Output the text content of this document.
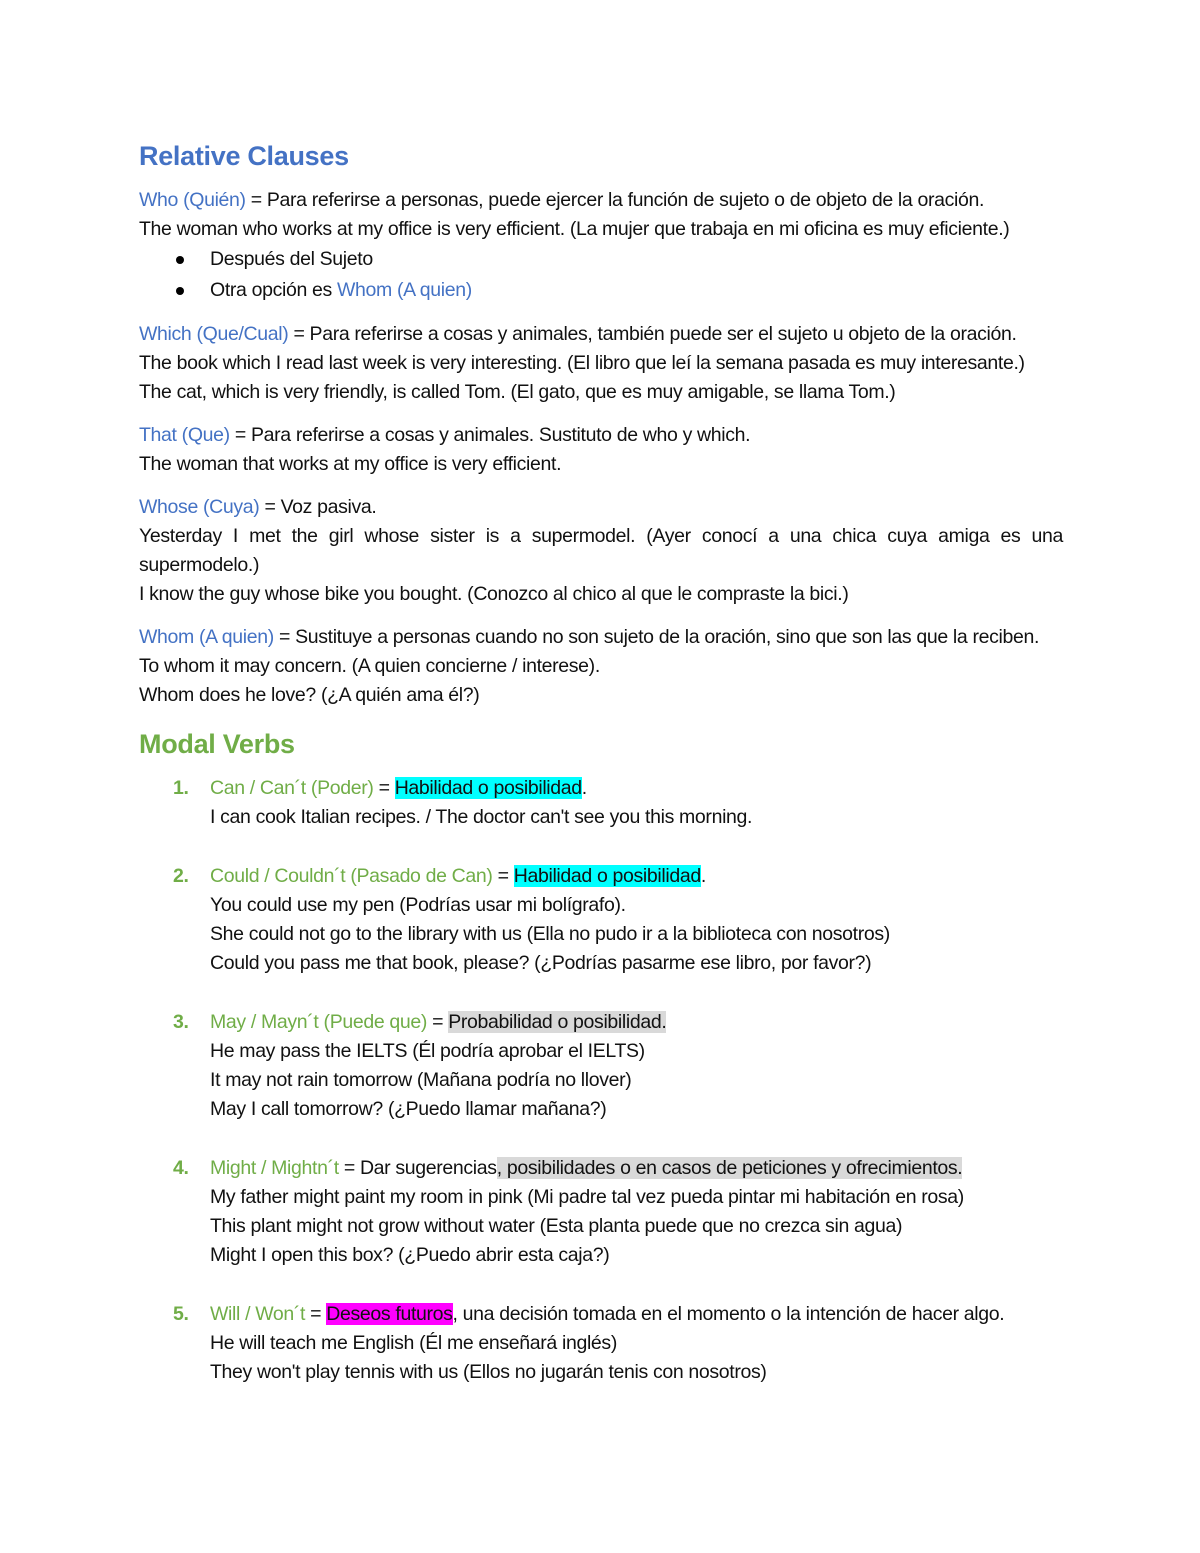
Relative Clauses

Who (Quién) = Para referirse a personas, puede ejercer la función de sujeto o de objeto de la oración.

The woman who works at my office is very efficient. (La mujer que trabaja en mi oficina es muy eficiente.)

Después del Sujeto
Otra opción es Whom (A quien)

Which (Que/Cual) = Para referirse a cosas y animales, también puede ser el sujeto u objeto de la oración.

The book which I read last week is very interesting. (El libro que leí la semana pasada es muy interesante.)

The cat, which is very friendly, is called Tom. (El gato, que es muy amigable, se llama Tom.)

That (Que) = Para referirse a cosas y animales. Sustituto de who y which.

The woman that works at my office is very efficient.

Whose (Cuya) = Voz pasiva.

Yesterday I met the girl whose sister is a supermodel. (Ayer conocí a una chica cuya amiga es una supermodelo.)

I know the guy whose bike you bought. (Conozco al chico al que le compraste la bici.)

Whom (A quien) = Sustituye a personas cuando no son sujeto de la oración, sino que son las que la reciben.

To whom it may concern. (A quien concierne / interese).

Whom does he love? (¿A quién ama él?)

Modal Verbs
1. Can / Can´t (Poder) = Habilidad o posibilidad.

I can cook Italian recipes. / The doctor can't see you this morning.

2. Could / Couldn´t (Pasado de Can) = Habilidad o posibilidad.

You could use my pen (Podrías usar mi bolígrafo).

She could not go to the library with us (Ella no pudo ir a la biblioteca con nosotros)

Could you pass me that book, please? (¿Podrías pasarme ese libro, por favor?)

3. May / Mayn´t (Puede que) = Probabilidad o posibilidad.

He may pass the IELTS (Él podría aprobar el IELTS)

It may not rain tomorrow (Mañana podría no llover)

May I call tomorrow? (¿Puedo llamar mañana?)

4. Might / Mightn´t = Dar sugerencias, posibilidades o en casos de peticiones y ofrecimientos.

My father might paint my room in pink (Mi padre tal vez pueda pintar mi habitación en rosa)

This plant might not grow without water (Esta planta puede que no crezca sin agua)

Might I open this box? (¿Puedo abrir esta caja?)

5. Will / Won´t = Deseos futuros, una decisión tomada en el momento o la intención de hacer algo.

He will teach me English (Él me enseñará inglés)

They won't play tennis with us (Ellos no jugarán tenis con nosotros)
